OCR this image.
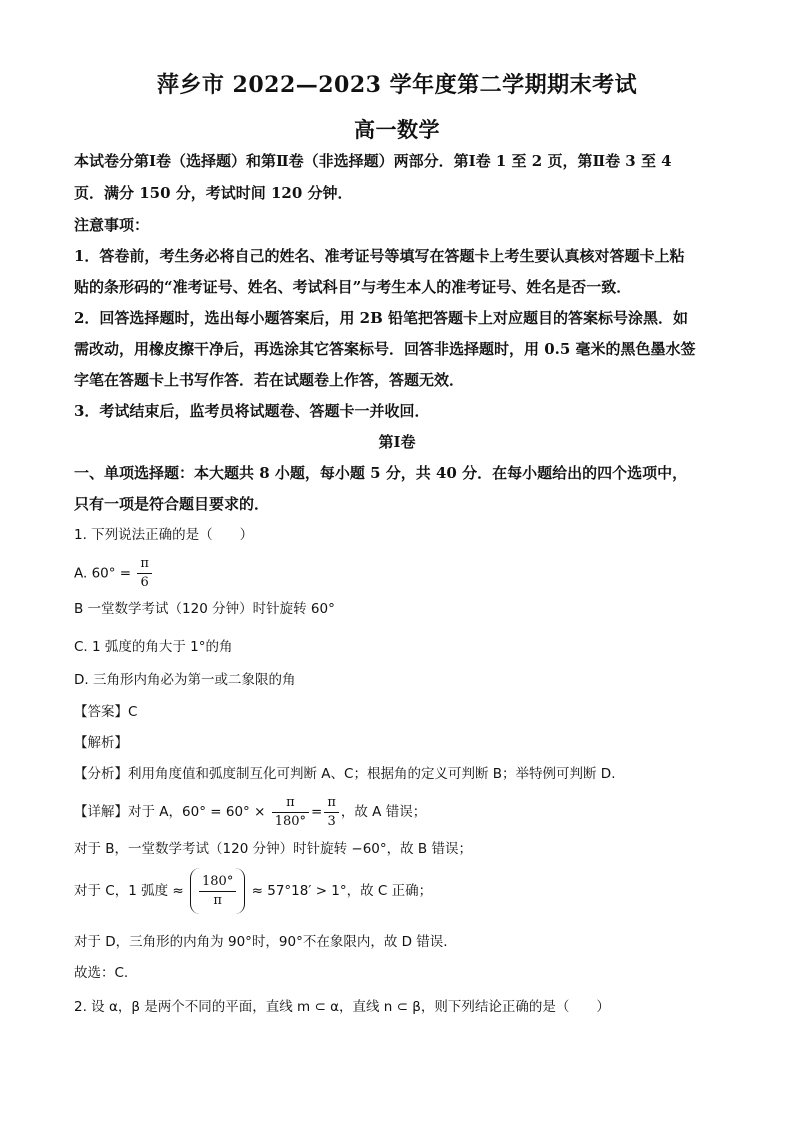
萍乡市 2022—2023 学年度第二学期期末考试
高一数学
本试卷分第Ⅰ卷（选择题）和第Ⅱ卷（非选择题）两部分．第Ⅰ卷 1 至 2 页，第Ⅱ卷 3 至 4
页．满分 150 分，考试时间 120 分钟．
注意事项：
1．答卷前，考生务必将自己的姓名、准考证号等填写在答题卡上考生要认真核对答题卡上粘
贴的条形码的“准考证号、姓名、考试科目”与考生本人的准考证号、姓名是否一致．
2．回答选择题时，选出每小题答案后，用 2B 铅笔把答题卡上对应题目的答案标号涂黑．如
需改动，用橡皮擦干净后，再选涂其它答案标号．回答非选择题时，用 0.5 毫米的黑色墨水签
字笔在答题卡上书写作答．若在试题卷上作答，答题无效．
3．考试结束后，监考员将试题卷、答题卡一并收回．
第Ⅰ卷
一、单项选择题：本大题共 8 小题，每小题 5 分，共 40 分．在每小题给出的四个选项中，
只有一项是符合题目要求的．
1. 下列说法正确的是（　　）
A. $60^\circ = \frac{\pi}{6}$
B 一堂数学考试（120 分钟）时针旋转 60°
C. 1 弧度的角大于 1°的角
D. 三角形内角必为第一或二象限的角
【答案】C
【解析】
【分析】利用角度值和弧度制互化可判断 A、C；根据角的定义可判断 B；举特例可判断 D.
【详解】对于 A，$60^\circ = 60^\circ \times \frac{\pi}{180^\circ} = \frac{\pi}{3}$ ，故 A 错误；
对于 B，一堂数学考试（120 分钟）时针旋转 −60°，故 B 错误；
对于 C，1 弧度 ≈ $\frac{180^\circ}{\pi} \approx 57^\circ 18' > 1^\circ$，故 C 正确；
对于 D，三角形的内角为 90°时，90°不在象限内，故 D 错误.
故选：C.
2. 设 α，β 是两个不同的平面，直线 m ⊂ α，直线 n ⊂ β，则下列结论正确的是（　　）
